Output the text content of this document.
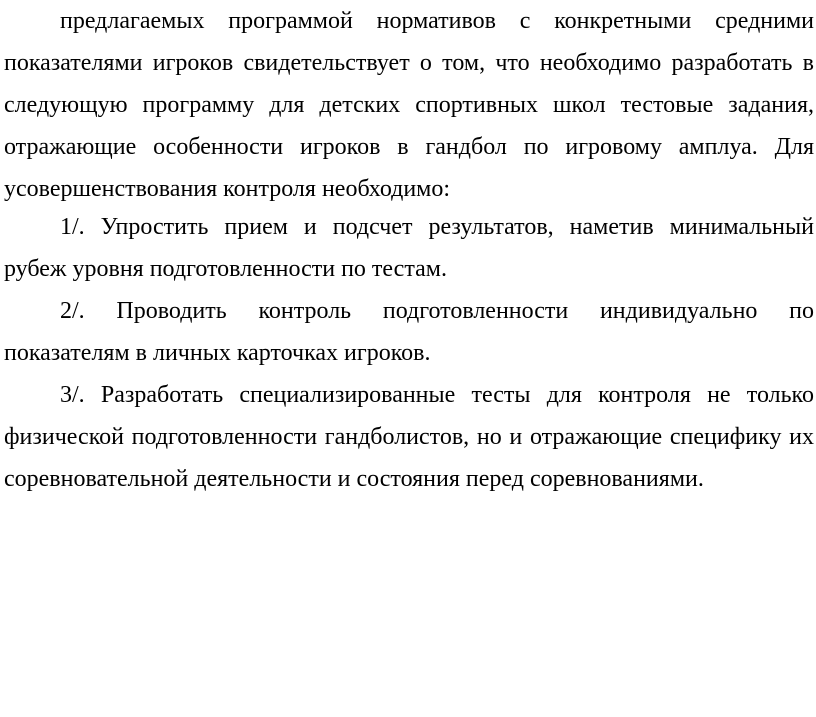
предлагаемых программой нормативов с конкретными средними
показателями игроков свидетельствует о том, что необходимо разработать в
следующую программу для детских спортивных школ тестовые задания,
отражающие особенности игроков в гандбол по игровому амплуа. Для
усовершенствования контроля необходимо:
1/. Упростить прием и подсчет результатов, наметив минимальный
рубеж уровня подготовленности по тестам.
2/. Проводить контроль подготовленности индивидуально по
показателям в личных карточках игроков.
3/. Разработать специализированные тесты для контроля не только
физической подготовленности гандболистов, но и отражающие специфику их
соревновательной деятельности и состояния перед соревнованиями.
